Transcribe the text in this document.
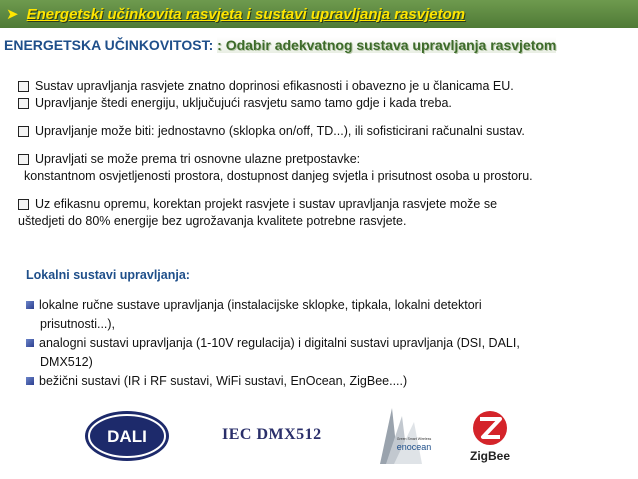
➤ Energetski učinkovita rasvjeta i sustavi upravljanja rasvjetom
ENERGETSKA UČINKOVITOST: : Odabir adekvatnog sustava upravljanja rasvjetom
Sustav upravljanja rasvjete znatno doprinosi efikasnosti i obavezno je u članicama EU.
Upravljanje štedi energiju, uključujući rasvjetu samo tamo gdje i kada treba.
Upravljanje može biti: jednostavno (sklopka on/off, TD...), ili sofisticirani računalni sustav.
Upravljati se može prema tri osnovne ulazne pretpostavke:
konstantnom osvjetljenosti prostora, dostupnost danjeg svjetla i prisutnost osoba u prostoru.
Uz efikasnu opremu, korektan projekt rasvjete i sustav upravljanja rasvjete može se
uštedjeti do 80% energije bez ugrožavanja kvalitete potrebne rasvjete.
Lokalni sustavi upravljanja:
lokalne ručne sustave upravljanja (instalacijske sklopke, tipkala, lokalni detektori
prisutnosti...),
analogni sustavi upravljanja (1-10V regulacija) i digitalni sustavi upravljanja (DSI, DALI,
DMX512)
bežični sustavi (IR i RF sustavi, WiFi sustavi, EnOcean, ZigBee....)
DALI	IEC DMX512	Green Smart Wireless
enocean
ZigBee
